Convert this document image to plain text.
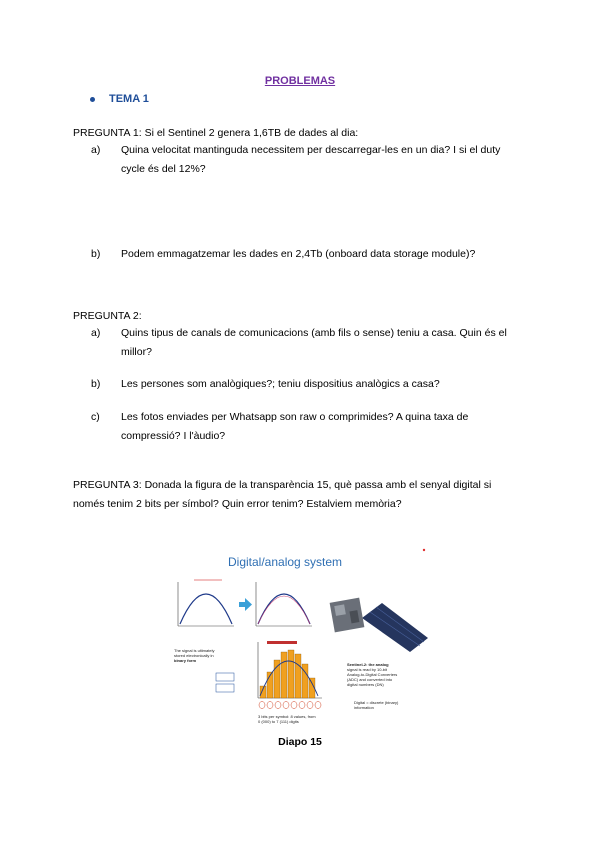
PROBLEMAS
TEMA 1
PREGUNTA 1: Si el Sentinel 2 genera 1,6TB de dades al dia:
a)	Quina velocitat mantinguda necessitem per descarregar-les en un dia? I si el duty cycle és del 12%?
b)	Podem emmagatzemar les dades en 2,4Tb (onboard data storage module)?
PREGUNTA 2:
a)	Quins tipus de canals de comunicacions (amb fils o sense) teniu a casa. Quin és el millor?
b)	Les persones som analògiques?; teniu dispositius analògics a casa?
c)	Les fotos enviades per Whatsapp son raw o comprimides? A quina taxa de compressió? I l'àudio?
PREGUNTA 3: Donada la figura de la transparència 15, què passa amb el senyal digital si només tenim 2 bits per símbol? Quin error tenim? Estalviem memòria?
Digital/analog system
The signal is ultimately stored electronically in binary form
3 bits per symbol: 8 values, from 0 (000) to 7 (111) digits
Sentinel-2: the analog signal is read by 10-bit Analog-to-Digital Converters (ADC) and converted into digital numbers (DN)
Digital = discrete (binary) information
Diapo 15
